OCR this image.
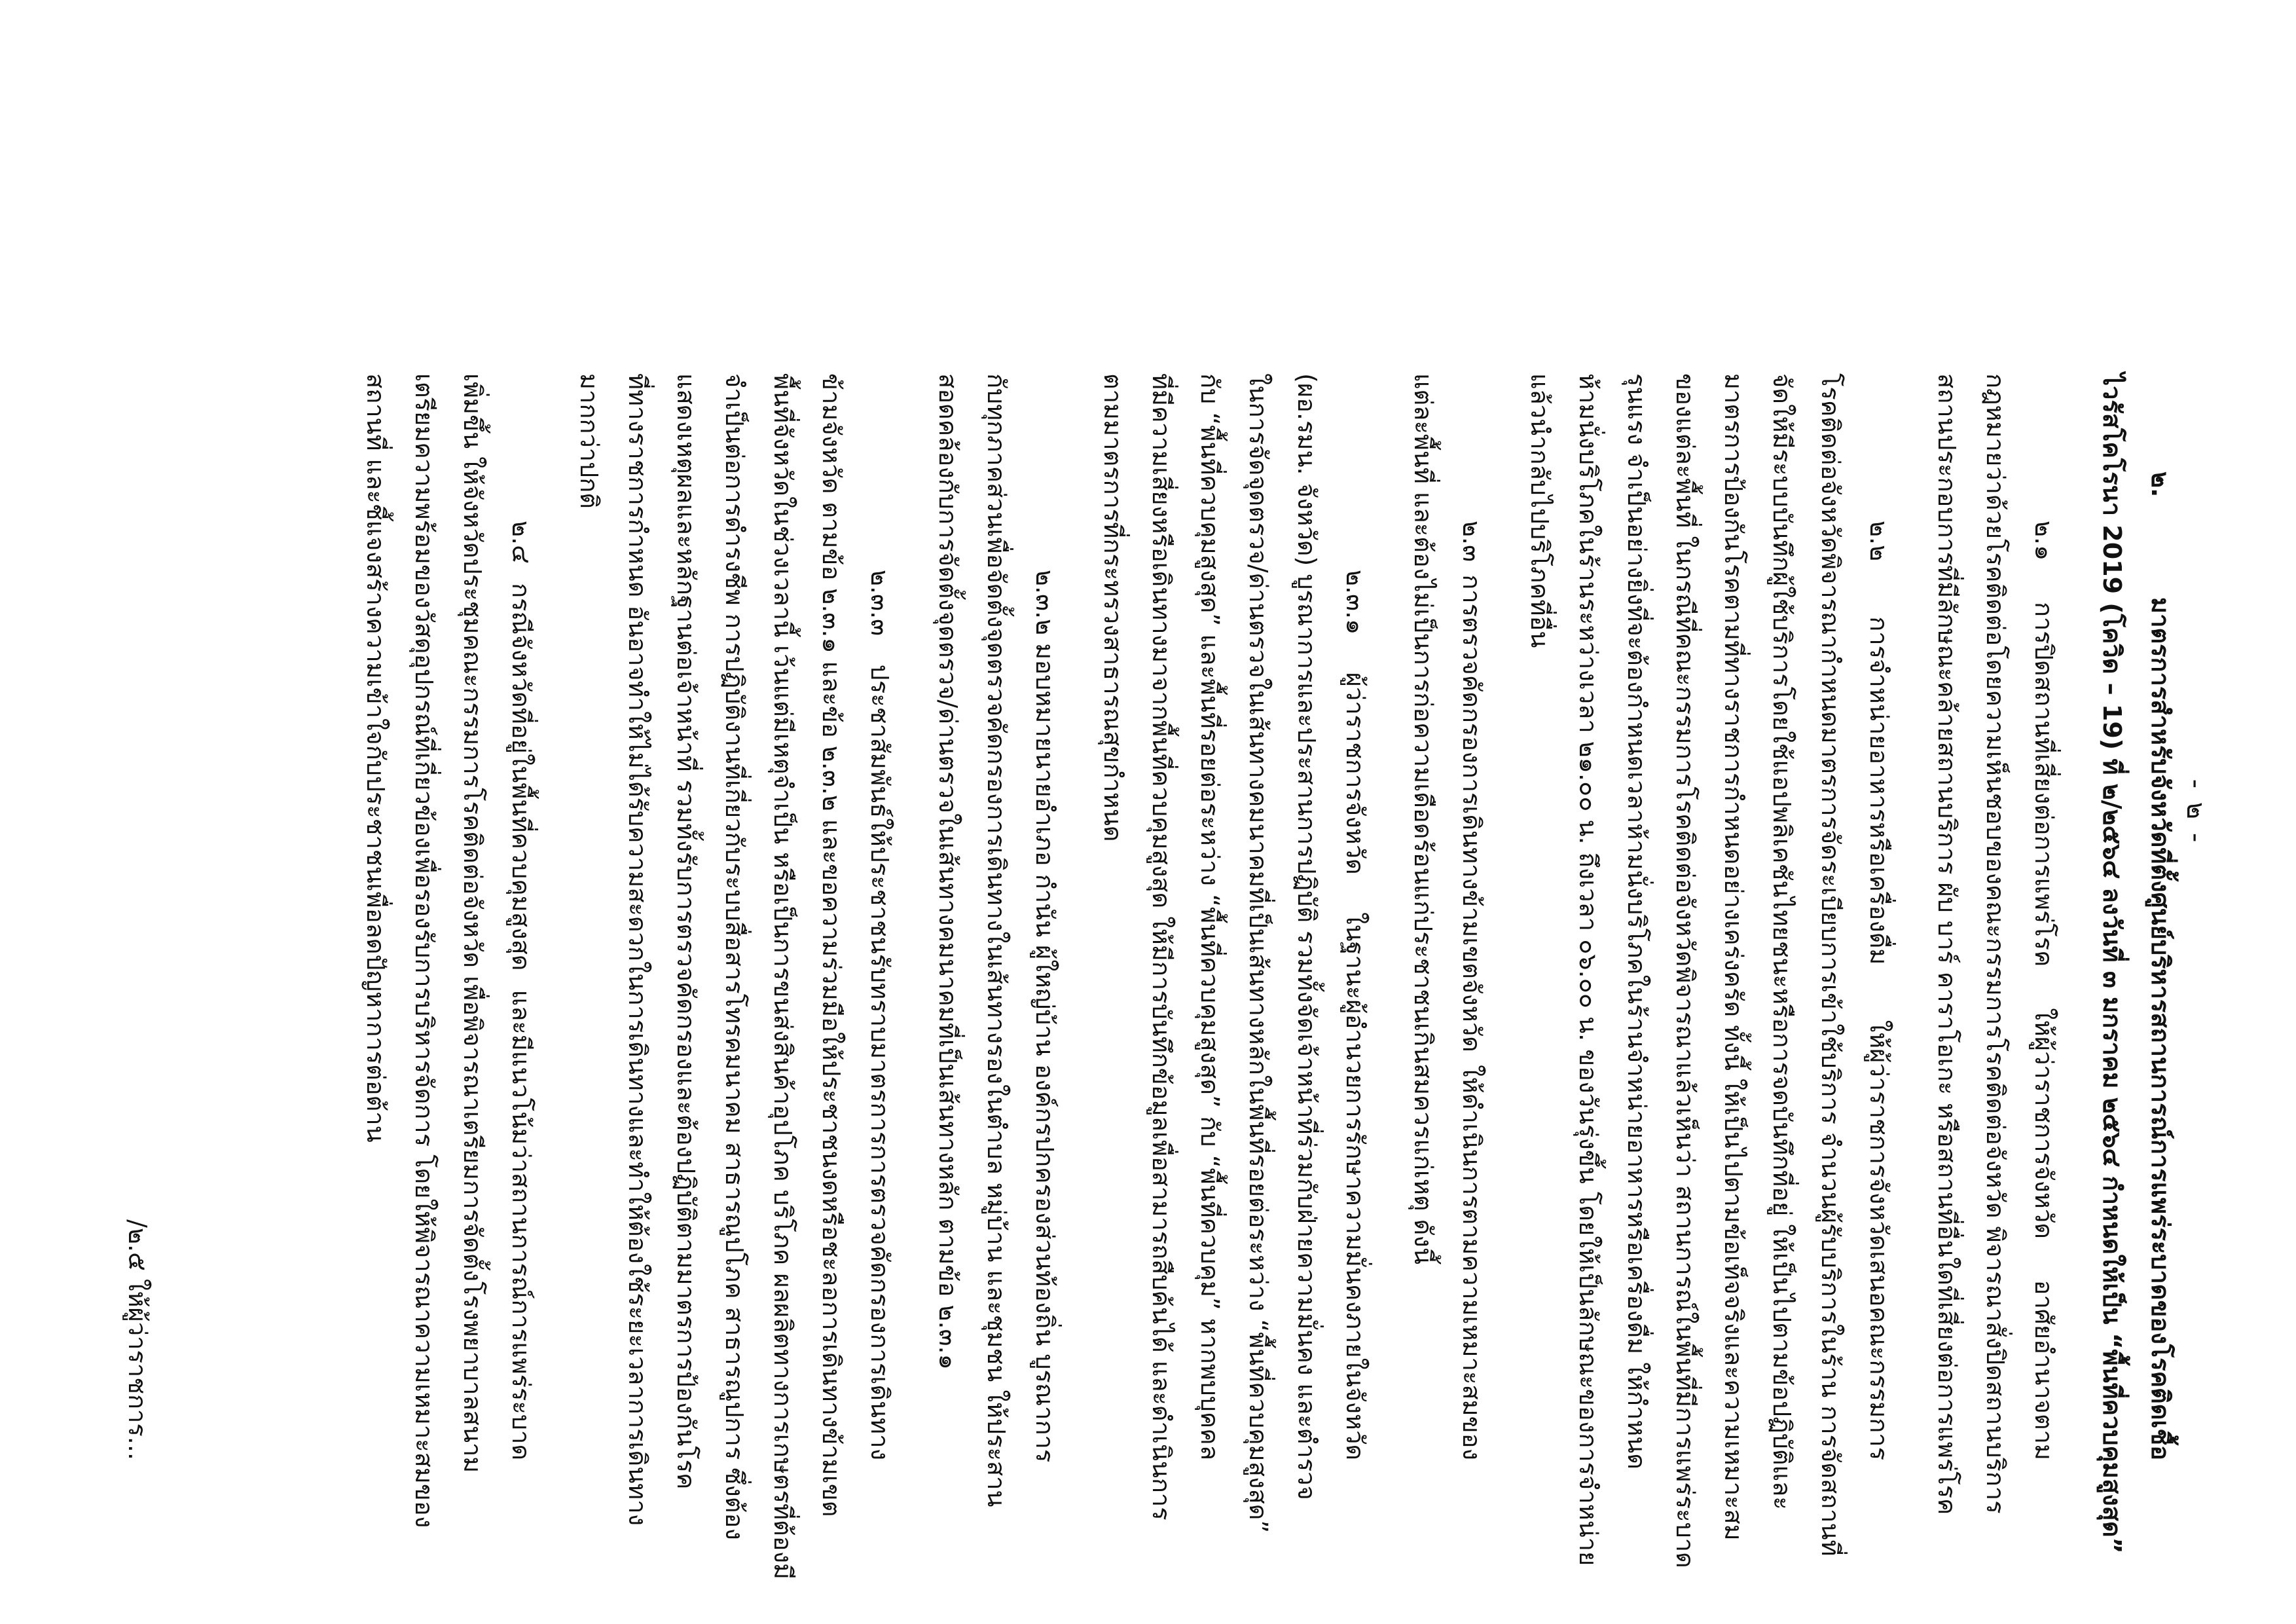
- ๒ -
๒. มาตรการสำหรับจังหวัดที่ตั้งศูนย์บริหารสถานการณ์การแพร่ระบาดของโรคติดเชื้อ
ไวรัสโคโรนา 2019 (โควิด – 19) ที่ ๒/๒๕๖๔ ลงวันที่ ๓ มกราคม ๒๕๖๔ กำหนดให้เป็น “พื้นที่ควบคุมสูงสุด”
๒.๑ การปิดสถานที่เสี่ยงต่อการแพร่โรค ให้ผู้ว่าราชการจังหวัด อาศัยอำนาจตาม
กฎหมายว่าด้วยโรคติดต่อโดยความเห็นชอบของคณะกรรมการโรคติดต่อจังหวัด พิจารณาสั่งปิดสถานบริการ
สถานประกอบการที่มีลักษณะคล้ายสถานบริการ ผับ บาร์ คาราโอเกะ หรือสถานที่อื่นใดที่เสี่ยงต่อการแพร่โรค
๒.๒ การจำหน่ายอาหารหรือเครื่องดื่ม ให้ผู้ว่าราชการจังหวัดเสนอคณะกรรมการ
โรคติดต่อจังหวัดพิจารณากำหนดมาตรการจัดระเบียบการเข้าใช้บริการ จำนวนผู้รับบริการในร้าน การจัดสถานที่
จัดให้มีระบบบันทึกผู้ใช้บริการโดยใช้แอปพลิเคชันไทยชนะหรือการจดบันทึกที่อยู่ ให้เป็นไปตามข้อปฏิบัติและ
มาตรการป้องกันโรคตามที่ทางราชการกำหนดอย่างเคร่งครัด ทั้งนี้ ให้เป็นไปตามข้อเท็จจริงและความเหมาะสม
ของแต่ละพื้นที่ ในกรณีที่คณะกรรมการโรคติดต่อจังหวัดพิจารณาแล้วเห็นว่า สถานการณ์ในพื้นที่มีการแพร่ระบาด
รุนแรง จำเป็นอย่างยิ่งที่จะต้องกำหนดเวลาห้ามนั่งบริโภคในร้านจำหน่ายอาหารหรือเครื่องดื่ม ให้กำหนด
ห้ามนั่งบริโภคในร้านระหว่างเวลา ๒๑.๐๐ น. ถึงเวลา ๐๖.๐๐ น. ของวันรุ่งขึ้น โดยให้เป็นลักษณะของการจำหน่าย
แล้วนำกลับไปบริโภคที่อื่น
๒.๓ การตรวจคัดกรองการเดินทางข้ามเขตจังหวัด ให้ดำเนินการตามความเหมาะสมของ
แต่ละพื้นที่ และต้องไม่เป็นการก่อความเดือดร้อนแก่ประชาชนเกินสมควรแก่เหตุ ดังนี้
๒.๓.๑ ผู้ว่าราชการจังหวัด ในฐานะผู้อำนวยการรักษาความมั่นคงภายในจังหวัด
(ผอ.รมน. จังหวัด) บูรณาการและประสานการปฏิบัติ รวมทั้งจัดเจ้าหน้าที่ร่วมกับฝ่ายความมั่นคง และตำรวจ
ในการจัดจุดตรวจ/ด่านตรวจในเส้นทางคมนาคมที่เป็นเส้นทางหลักในพื้นที่รอยต่อระหว่าง “พื้นที่ควบคุมสูงสุด”
กับ “พื้นที่ควบคุมสูงสุด” และพื้นที่รอยต่อระหว่าง “พื้นที่ควบคุมสูงสุด” กับ “พื้นที่ควบคุม” หากพบบุคคล
ที่มีความเสี่ยงหรือเดินทางมาจากพื้นที่ควบคุมสูงสุด ให้มีการบันทึกข้อมูลเพื่อสามารถสืบค้นได้ และดำเนินการ
ตามมาตรการที่กระทรวงสาธารณสุขกำหนด
๒.๓.๒ มอบหมายนายอำเภอ กำนัน ผู้ใหญ่บ้าน องค์กรปกครองส่วนท้องถิ่น บูรณาการ
กับทุกภาคส่วนเพื่อจัดตั้งจุดตรวจคัดกรองการเดินทางในเส้นทางรองในตำบล หมู่บ้าน และชุมชน ให้ประสาน
สอดคล้องกับการจัดตั้งจุดตรวจ/ด่านตรวจในเส้นทางคมนาคมที่เป็นเส้นทางหลัก ตามข้อ ๒.๓.๑
๒.๓.๓ ประชาสัมพันธ์ให้ประชาชนรับทราบมาตรการการตรวจคัดกรองการเดินทาง
ข้ามจังหวัด ตามข้อ ๒.๓.๑ และข้อ ๒.๓.๒ และขอความร่วมมือให้ประชาชนงดหรือชะลอการเดินทางข้ามเขต
พื้นที่จังหวัดในช่วงเวลานี้ เว้นแต่มีเหตุจำเป็น หรือเป็นการขนส่งสินค้าอุปโภค บริโภค ผลผลิตทางการเกษตรที่ต้องมี
จำเป็นต่อการดำรงชีพ การปฏิบัติงานที่เกี่ยวกับระบบสื่อสารโทรคมนาคม สาธารณูปโภค สาธารณูปการ ซึ่งต้อง
แสดงเหตุผลและหลักฐานต่อเจ้าหน้าที่ รวมทั้งรับการตรวจคัดกรองและต้องปฏิบัติตามมาตรการป้องกันโรค
ที่ทางราชการกำหนด อันอาจทำให้ไม่ได้รับความสะดวกในการเดินทางและทำให้ต้องใช้ระยะเวลาการเดินทาง
มากกว่าปกติ
๒.๔ กรณีจังหวัดที่อยู่ในพื้นที่ควบคุมสูงสุด และมีแนวโน้มว่าสถานการณ์การแพร่ระบาด
เพิ่มขึ้น ให้จังหวัดประชุมคณะกรรมการโรคติดต่อจังหวัด เพื่อพิจารณาเตรียมการจัดตั้งโรงพยาบาลสนาม
เตรียมความพร้อมของวัสดุอุปกรณ์ที่เกี่ยวข้องเพื่อรองรับการบริหารจัดการ โดยให้พิจารณาความเหมาะสมของ
สถานที่ และชี้แจงสร้างความเข้าใจกับประชาชนเพื่อลดปัญหาการต่อต้าน
/๒.๕ ให้ผู้ว่าราชการ...
